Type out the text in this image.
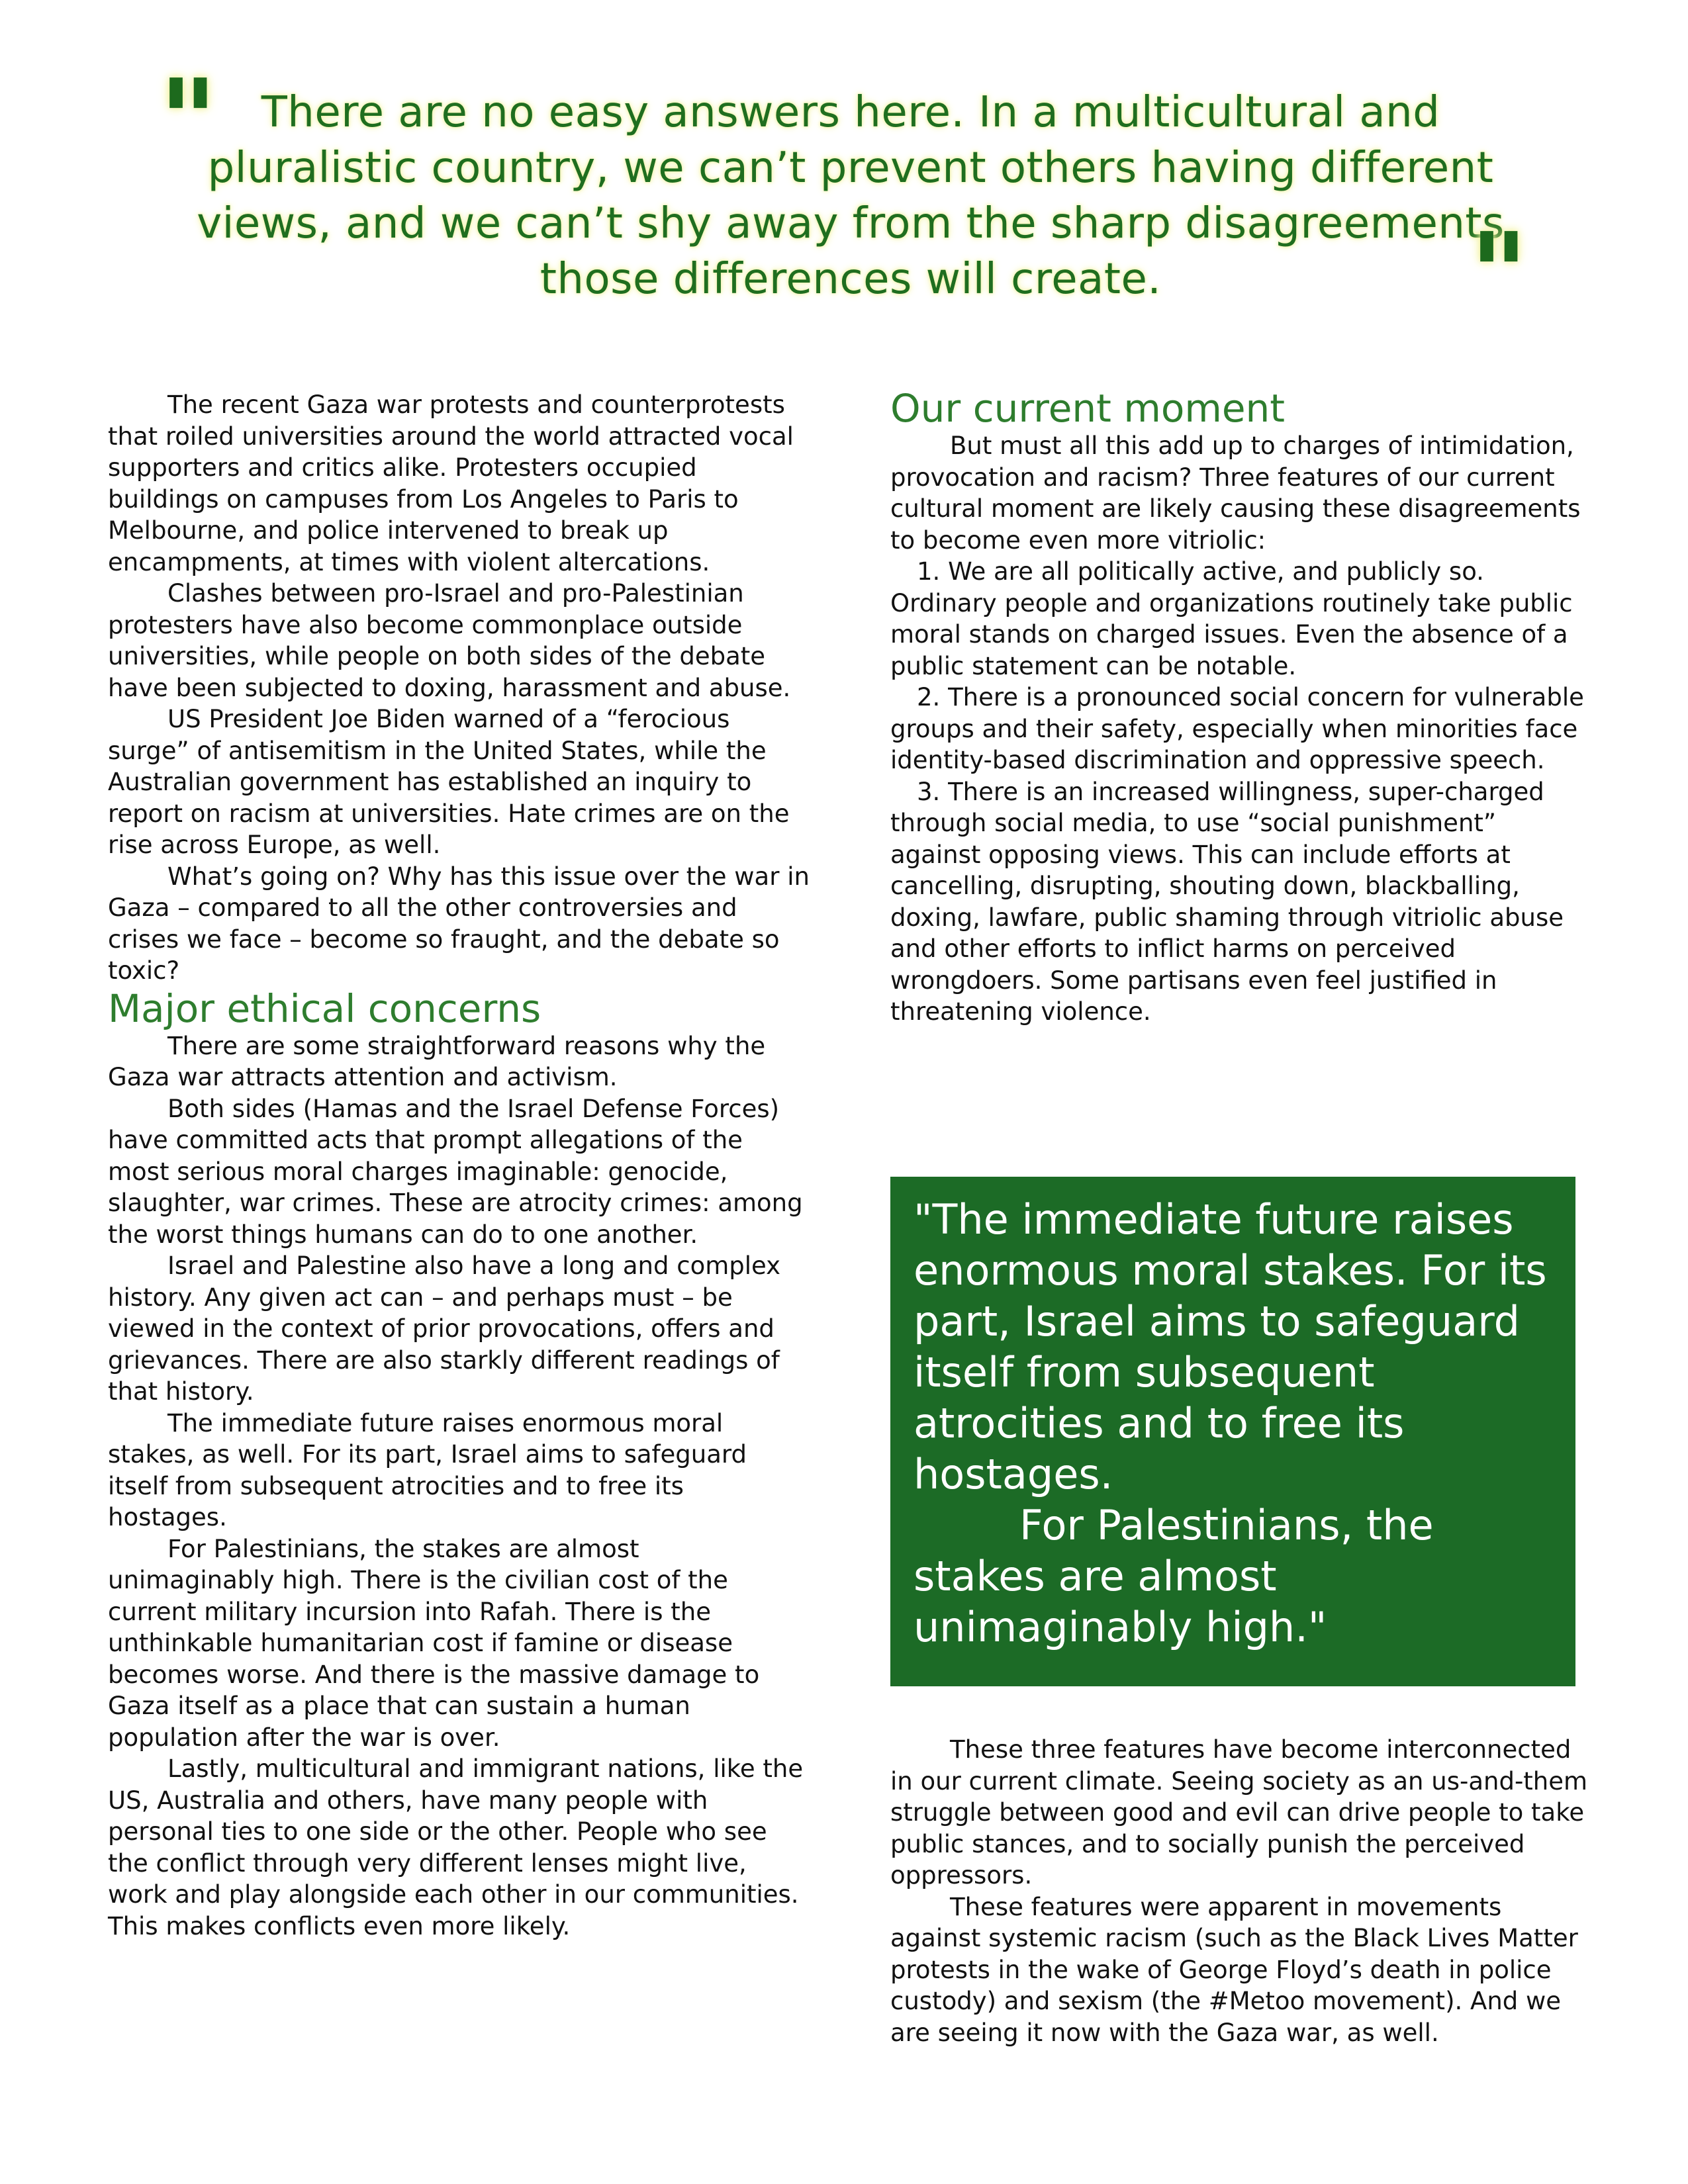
"	There are no easy answers here. In a multicultural and pluralistic country, we can’t prevent others having different views, and we can’t shy away from the sharp disagreements those differences will create.	"

The recent Gaza war protests and counterprotests that roiled universities around the world attracted vocal supporters and critics alike. Protesters occupied buildings on campuses from Los Angeles to Paris to Melbourne, and police intervened to break up encampments, at times with violent altercations.

Clashes between pro-Israel and pro-Palestinian protesters have also become commonplace outside universities, while people on both sides of the debate have been subjected to doxing, harassment and abuse.

US President Joe Biden warned of a “ferocious surge” of antisemitism in the United States, while the Australian government has established an inquiry to report on racism at universities. Hate crimes are on the rise across Europe, as well.

What’s going on? Why has this issue over the war in Gaza – compared to all the other controversies and crises we face – become so fraught, and the debate so toxic?

Major ethical concerns

There are some straightforward reasons why the Gaza war attracts attention and activism.

Both sides (Hamas and the Israel Defense Forces) have committed acts that prompt allegations of the most serious moral charges imaginable: genocide, slaughter, war crimes. These are atrocity crimes: among the worst things humans can do to one another.

Israel and Palestine also have a long and complex history. Any given act can – and perhaps must – be viewed in the context of prior provocations, offers and grievances. There are also starkly different readings of that history.

The immediate future raises enormous moral stakes, as well. For its part, Israel aims to safeguard itself from subsequent atrocities and to free its hostages.

For Palestinians, the stakes are almost unimaginably high. There is the civilian cost of the current military incursion into Rafah. There is the unthinkable humanitarian cost if famine or disease becomes worse. And there is the massive damage to Gaza itself as a place that can sustain a human population after the war is over.

Lastly, multicultural and immigrant nations, like the US, Australia and others, have many people with personal ties to one side or the other. People who see the conflict through very different lenses might live, work and play alongside each other in our communities. This makes conflicts even more likely.

Our current moment

But must all this add up to charges of intimidation, provocation and racism? Three features of our current cultural moment are likely causing these disagreements to become even more vitriolic:

1. We are all politically active, and publicly so. Ordinary people and organizations routinely take public moral stands on charged issues. Even the absence of a public statement can be notable.

2. There is a pronounced social concern for vulnerable groups and their safety, especially when minorities face identity-based discrimination and oppressive speech.

3. There is an increased willingness, super-charged through social media, to use “social punishment” against opposing views. This can include efforts at cancelling, disrupting, shouting down, blackballing, doxing, lawfare, public shaming through vitriolic abuse and other efforts to inflict harms on perceived wrongdoers. Some partisans even feel justified in threatening violence.

"The immediate future raises enormous moral stakes. For its part, Israel aims to safeguard itself from subsequent atrocities and to free its hostages.

For Palestinians, the stakes are almost unimaginably high."

These three features have become interconnected in our current climate. Seeing society as an us-and-them struggle between good and evil can drive people to take public stances, and to socially punish the perceived oppressors.

These features were apparent in movements against systemic racism (such as the Black Lives Matter protests in the wake of George Floyd’s death in police custody) and sexism (the #Metoo movement). And we are seeing it now with the Gaza war, as well.
